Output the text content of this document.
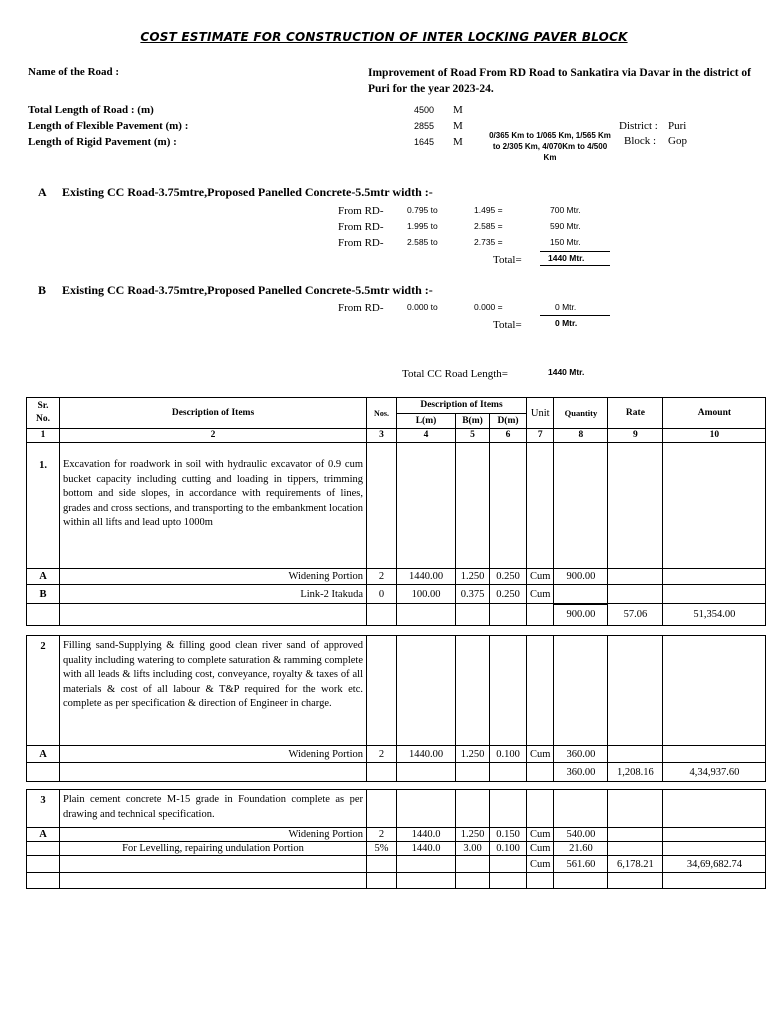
COST ESTIMATE FOR CONSTRUCTION OF INTER LOCKING PAVER BLOCK
Name of the Road :	Improvement of Road From RD Road to Sankatira via Davar in the district of Puri for the year 2023-24.
Total Length of Road : (m)	4500 M
Length of Flexible Pavement (m) :	2855 M
Length of Rigid Pavement (m) :	1645 M
0/365 Km to 1/065 Km, 1/565 Km to 2/305 Km, 4/070Km to 4/500 Km
District : Puri
Block : Gop
A Existing CC Road-3.75mtre,Proposed Panelled Concrete-5.5mtr width :-
From RD-	0.795 to	1.495 =	700 Mtr.
From RD-	1.995 to	2.585 =	590 Mtr.
From RD-	2.585 to	2.735 =	150 Mtr.
Total=	1440 Mtr.
B Existing CC Road-3.75mtre,Proposed Panelled Concrete-5.5mtr width :-
From RD-	0.000 to	0.000 =	0 Mtr.
Total=	0 Mtr.
Total CC Road Length=	1440 Mtr.
Sr. No.	Description of Items	Nos.	Description of Items			Unit	Quantity	Rate	Amount
			L(m)	B(m)	D(m)				
1	2	3	4	5	6	7	8	9	10
1.	Excavation for roadwork in soil with hydraulic excavator of 0.9 cum bucket capacity including cutting and loading in tippers, trimming bottom and side slopes, in accordance with requirements of lines, grades and cross sections, and transporting to the embankment location within all lifts and lead upto 1000m								
A	Widening Portion	2	1440.00	1.250	0.250	Cum	900.00		
B	Link-2 Itakuda	0	100.00	0.375	0.250	Cum			
							900.00	57.06	51,354.00

2	Filling sand-Supplying & filling good clean river sand of approved quality including watering to complete saturation & ramming complete with all leads & lifts including cost, conveyance, royalty & taxes of all materials & cost of all labour & T&P required for the work etc. complete as per specification & direction of Engineer in charge.								
A	Widening Portion	2	1440.00	1.250	0.100	Cum	360.00		
							360.00	1,208.16	4,34,937.60

3	Plain cement concrete M-15 grade in Foundation complete as per drawing and technical specification.								
A	Widening Portion	2	1440.0	1.250	0.150	Cum	540.00		
	For Levelling, repairing undulation Portion	5%	1440.0	3.00	0.100	Cum	21.60		
						Cum	561.60	6,178.21	34,69,682.74
